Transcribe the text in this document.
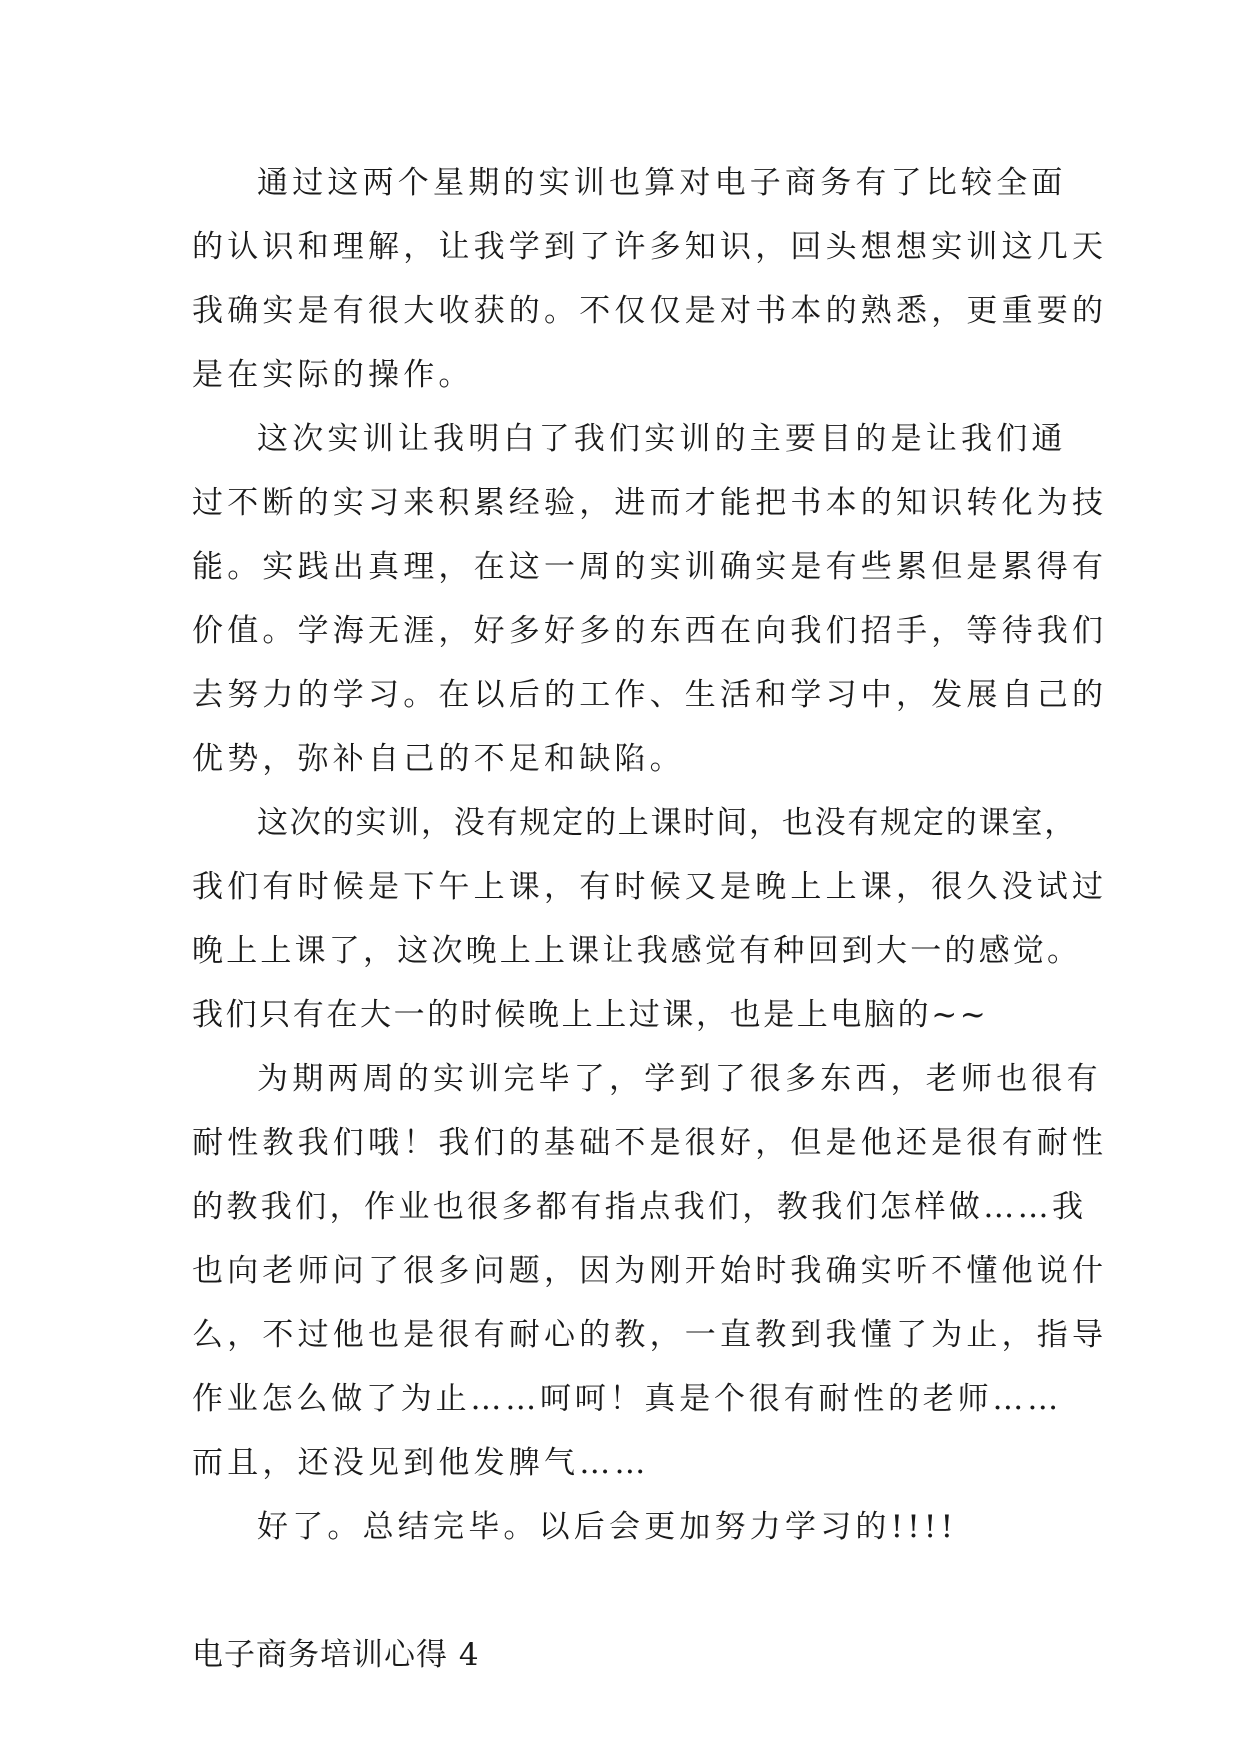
通过这两个星期的实训也算对电子商务有了比较全面
的认识和理解，让我学到了许多知识，回头想想实训这几天
我确实是有很大收获的。不仅仅是对书本的熟悉，更重要的
是在实际的操作。
这次实训让我明白了我们实训的主要目的是让我们通
过不断的实习来积累经验，进而才能把书本的知识转化为技
能。实践出真理，在这一周的实训确实是有些累但是累得有
价值。学海无涯，好多好多的东西在向我们招手，等待我们
去努力的学习。在以后的工作、生活和学习中，发展自己的
优势，弥补自己的不足和缺陷。
这次的实训，没有规定的上课时间，也没有规定的课室，
我们有时候是下午上课，有时候又是晚上上课，很久没试过
晚上上课了，这次晚上上课让我感觉有种回到大一的感觉。
我们只有在大一的时候晚上上过课，也是上电脑的~~
为期两周的实训完毕了，学到了很多东西，老师也很有
耐性教我们哦！我们的基础不是很好，但是他还是很有耐性
的教我们，作业也很多都有指点我们，教我们怎样做……我
也向老师问了很多问题，因为刚开始时我确实听不懂他说什
么，不过他也是很有耐心的教，一直教到我懂了为止，指导
作业怎么做了为止……呵呵！真是个很有耐性的老师……
而且，还没见到他发脾气……
好了。总结完毕。以后会更加努力学习的!!!!
电子商务培训心得 4
